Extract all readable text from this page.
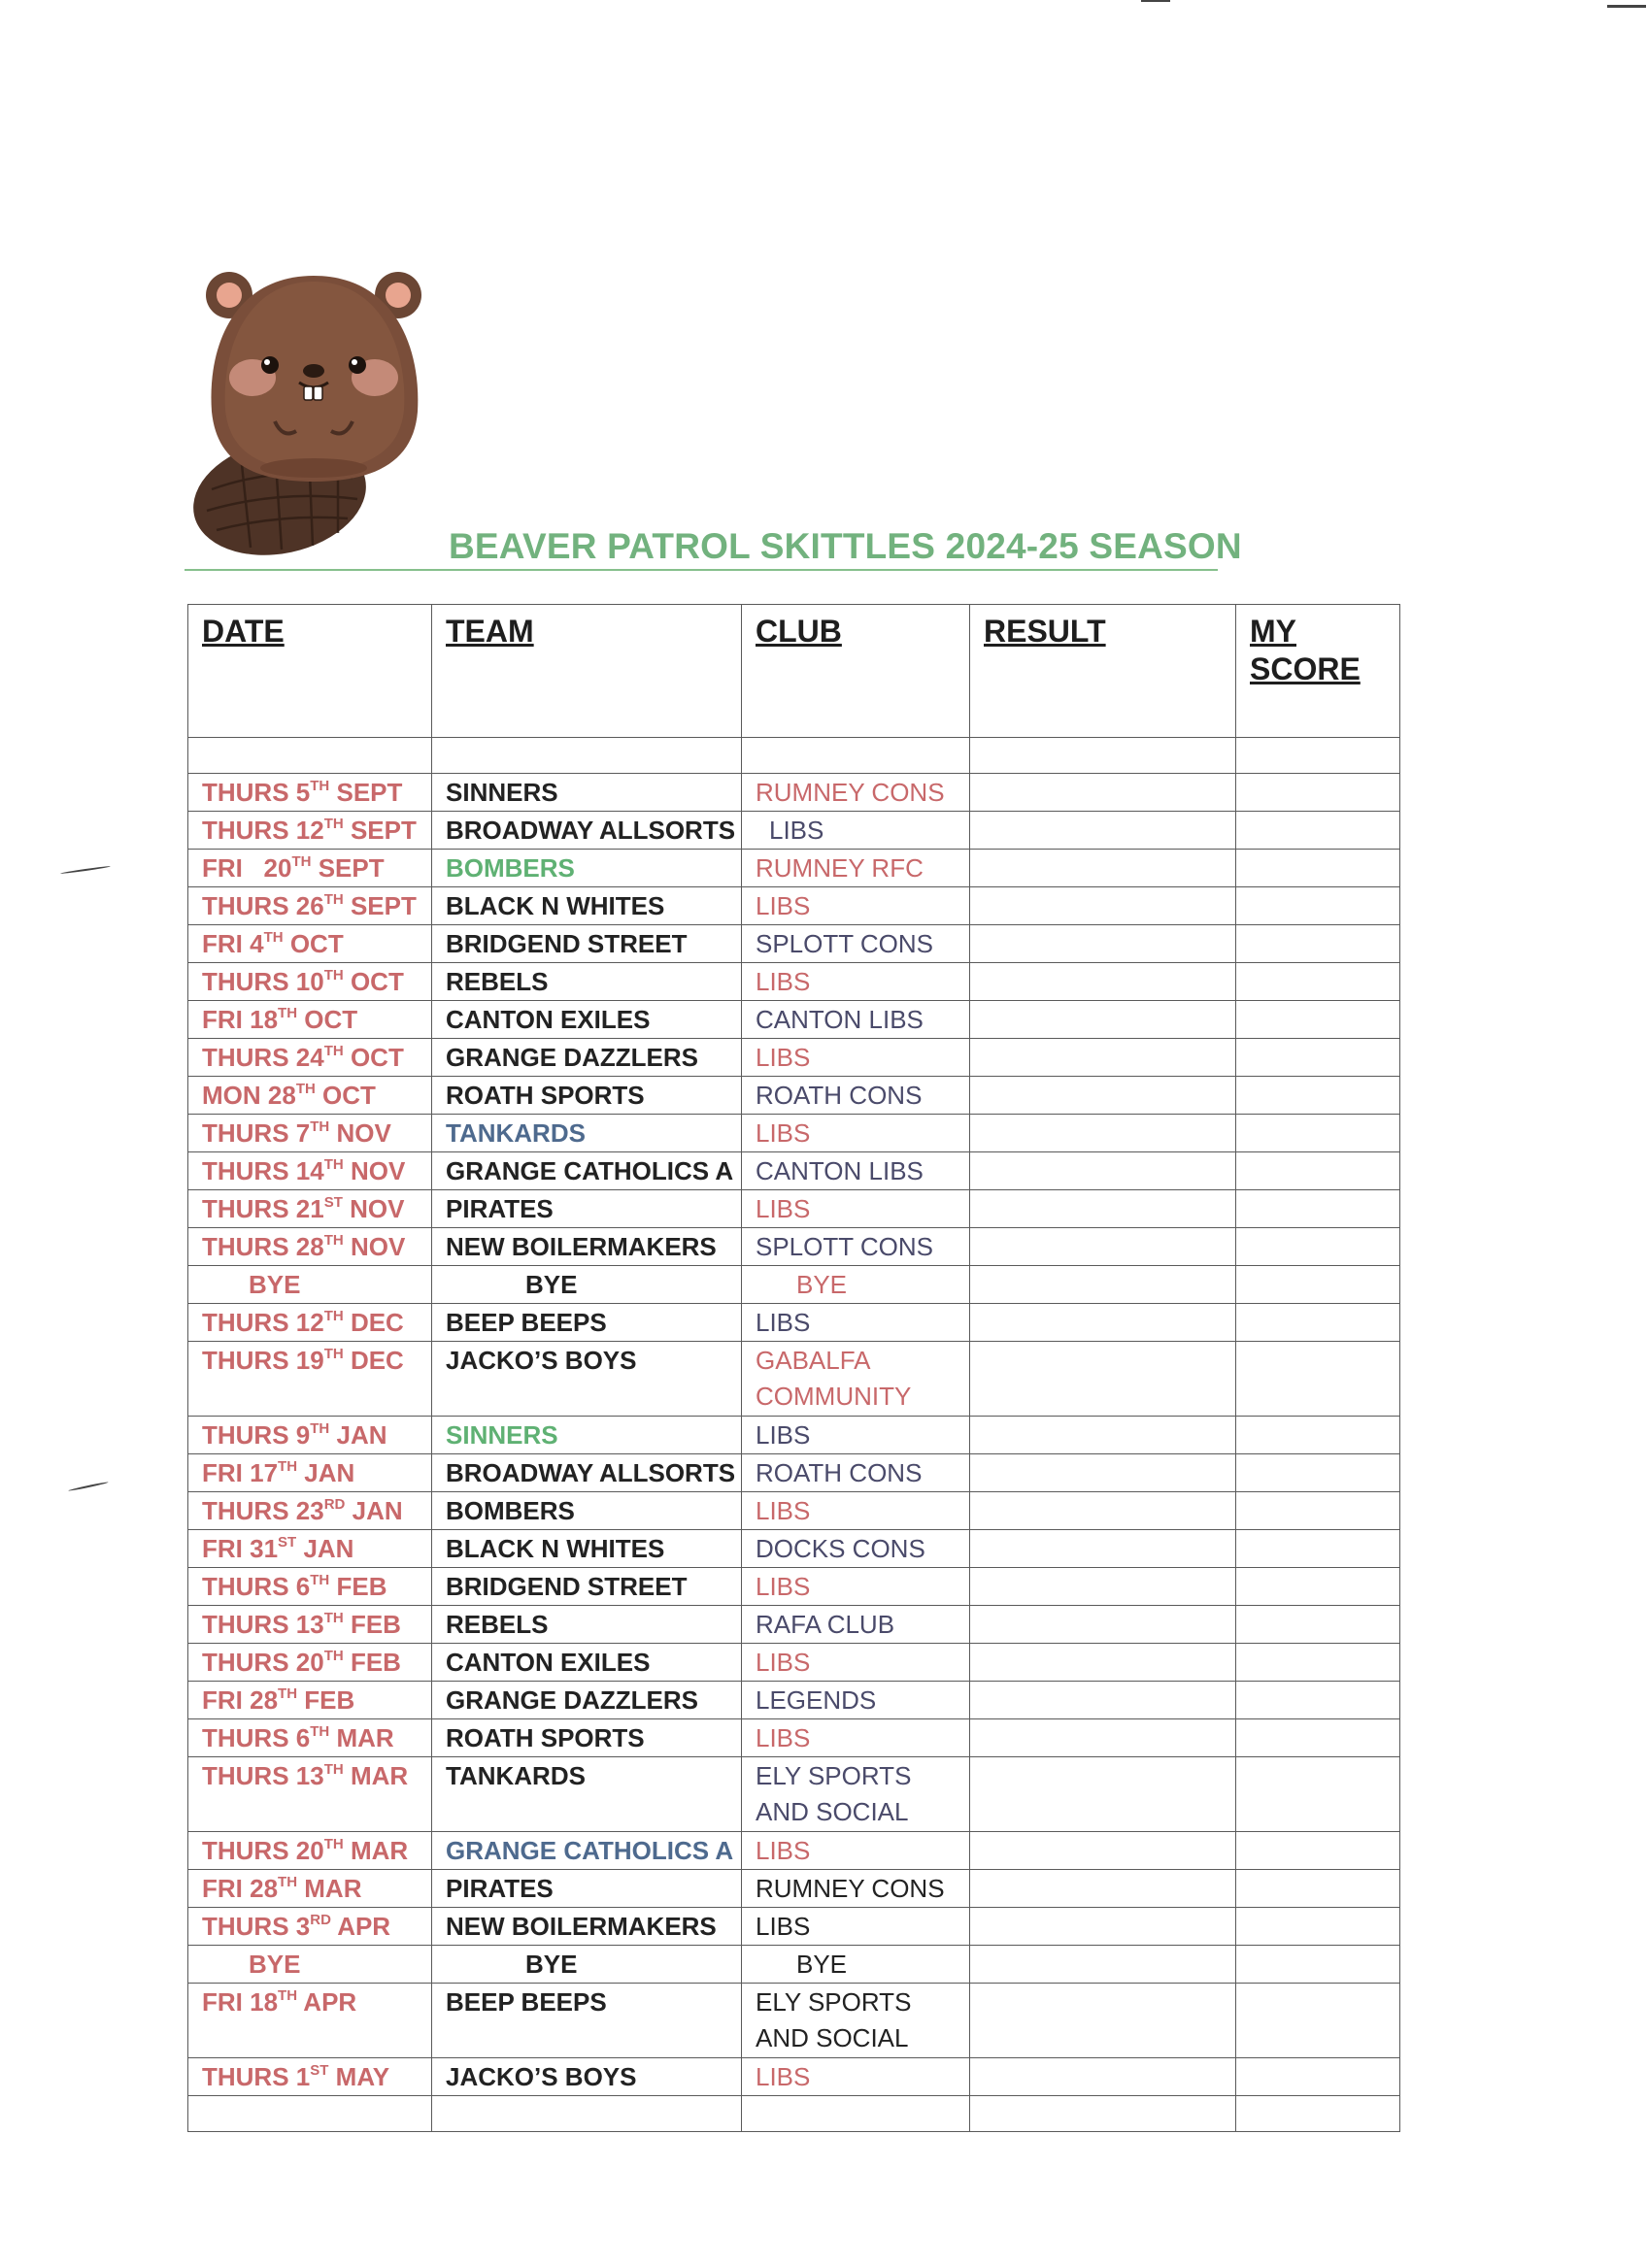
BEAVER PATROL SKITTLES 2024-25 SEASON
DATE	TEAM	CLUB	RESULT	MY
SCORE

THURS 5TH SEPT	SINNERS	RUMNEY CONS		
THURS 12TH SEPT	BROADWAY ALLSORTS	LIBS		
FRI   20TH SEPT	BOMBERS	RUMNEY RFC		
THURS 26TH SEPT	BLACK N WHITES	LIBS		
FRI 4TH OCT	BRIDGEND STREET	SPLOTT CONS		
THURS 10TH OCT	REBELS	LIBS		
FRI 18TH OCT	CANTON EXILES	CANTON LIBS		
THURS 24TH OCT	GRANGE DAZZLERS	LIBS		
MON 28TH OCT	ROATH SPORTS	ROATH CONS		
THURS 7TH NOV	TANKARDS	LIBS		
THURS 14TH NOV	GRANGE CATHOLICS A	CANTON LIBS		
THURS 21ST NOV	PIRATES	LIBS		
THURS 28TH NOV	NEW BOILERMAKERS	SPLOTT CONS		
BYE	BYE	BYE		
THURS 12TH DEC	BEEP BEEPS	LIBS		
THURS 19TH DEC	JACKO’S BOYS	GABALFA
COMMUNITY		
THURS 9TH JAN	SINNERS	LIBS		
FRI 17TH JAN	BROADWAY ALLSORTS	ROATH CONS		
THURS 23RD JAN	BOMBERS	LIBS		
FRI 31ST JAN	BLACK N WHITES	DOCKS CONS		
THURS 6TH FEB	BRIDGEND STREET	LIBS		
THURS 13TH FEB	REBELS	RAFA CLUB		
THURS 20TH FEB	CANTON EXILES	LIBS		
FRI 28TH FEB	GRANGE DAZZLERS	LEGENDS		
THURS 6TH MAR	ROATH SPORTS	LIBS		
THURS 13TH MAR	TANKARDS	ELY SPORTS
AND SOCIAL		
THURS 20TH MAR	GRANGE CATHOLICS A	LIBS		
FRI 28TH MAR	PIRATES	RUMNEY CONS		
THURS 3RD APR	NEW BOILERMAKERS	LIBS		
BYE	BYE	BYE		
FRI 18TH APR	BEEP BEEPS	ELY SPORTS
AND SOCIAL		
THURS 1ST MAY	JACKO’S BOYS	LIBS		
